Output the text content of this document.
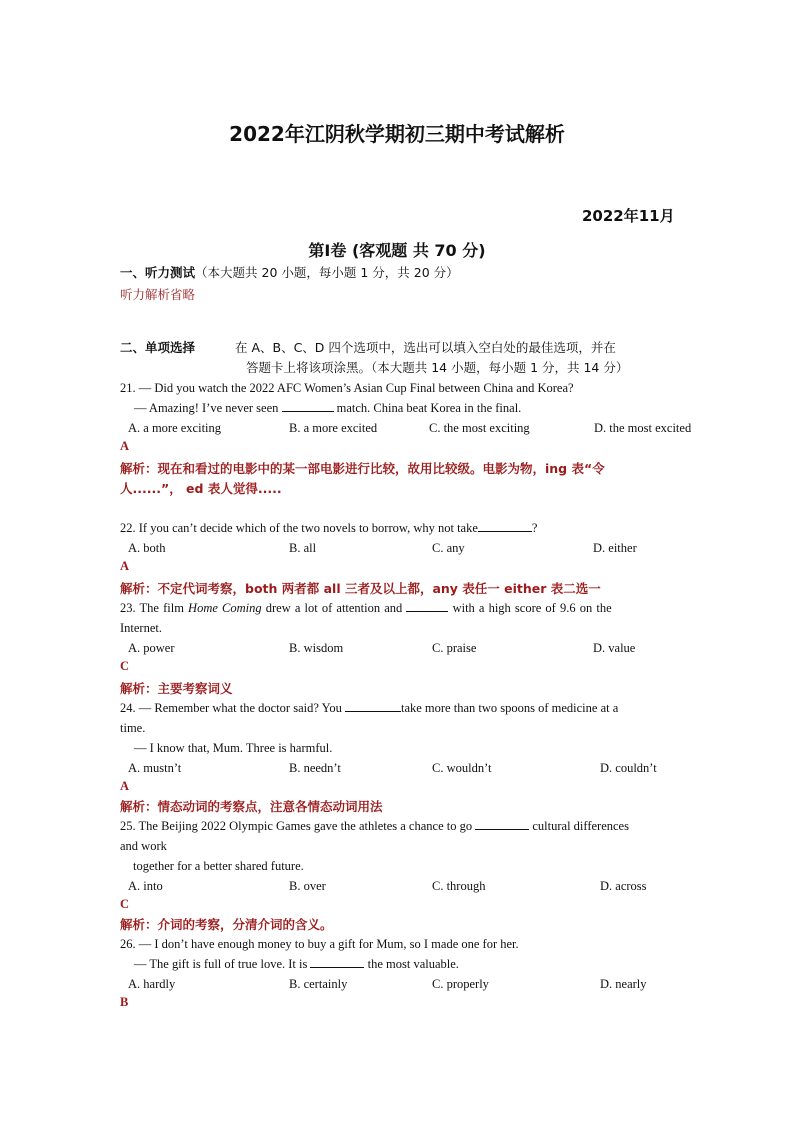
2022年江阴秋学期初三期中考试解析
2022年11月
第Ⅰ卷 (客观题 共 70 分)
一、听力测试（本大题共 20 小题，每小题 1 分，共 20 分）
听力解析省略
二、单项选择	在 A、B、C、D 四个选项中，选出可以填入空白处的最佳选项，并在
答题卡上将该项涂黑。（本大题共 14 小题，每小题 1 分，共 14 分）
21. — Did you watch the 2022 AFC Women’s Asian Cup Final between China and Korea?
— Amazing! I’ve never seen	match. China beat Korea in the final.
A. a more exciting	B. a more excited	C. the most exciting	D. the most excited
A
解析：现在和看过的电影中的某一部电影进行比较，故用比较级。电影为物，ing 表“令
人......”， ed 表人觉得.....
22. If you can’t decide which of the two novels to borrow, why not take	?
A. both	B. all	C. any	D. either
A
解析：不定代词考察，both 两者都 all 三者及以上都，any 表任一 either 表二选一
23. The film Home Coming drew a lot of attention and	with a high score of 9.6 on the
Internet.
A. power	B. wisdom	C. praise	D. value
C
解析：主要考察词义
24. — Remember what the doctor said? You	take more than two spoons of medicine at a
time.
— I know that, Mum. Three is harmful.
A. mustn’t	B. needn’t	C. wouldn’t	D. couldn’t
A
解析：情态动词的考察点，注意各情态动词用法
25. The Beijing 2022 Olympic Games gave the athletes a chance to go	cultural differences
and work
together for a better shared future.
A. into	B. over	C. through	D. across
C
解析：介词的考察，分清介词的含义。
26. — I don’t have enough money to buy a gift for Mum, so I made one for her.
— The gift is full of true love. It is	the most valuable.
A. hardly	B. certainly	C. properly	D. nearly
B
